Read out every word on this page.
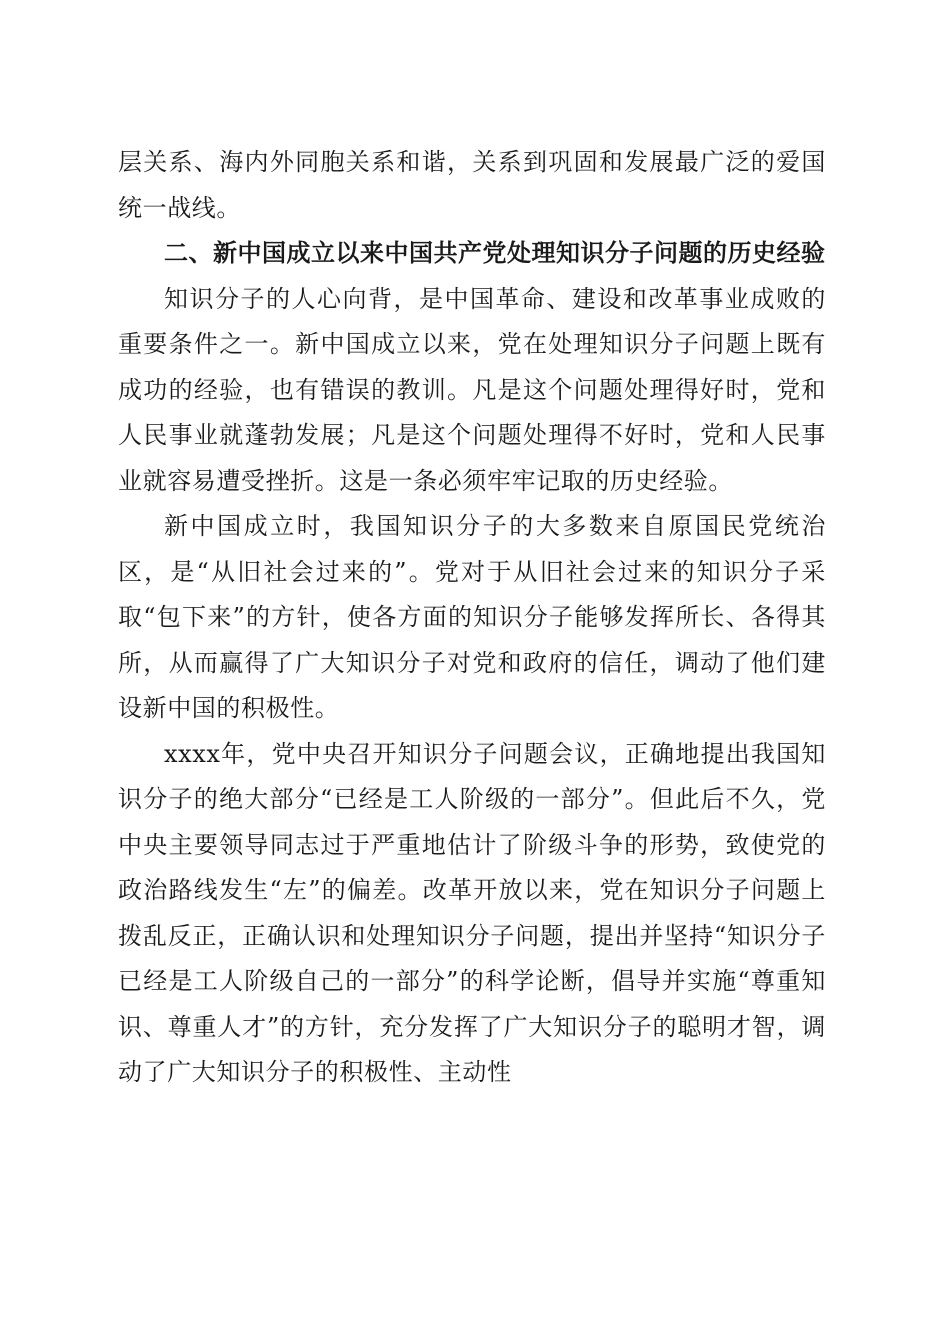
层关系、海内外同胞关系和谐，关系到巩固和发展最广泛的爱国统一战线。

二、新中国成立以来中国共产党处理知识分子问题的历史经验

知识分子的人心向背，是中国革命、建设和改革事业成败的重要条件之一。新中国成立以来，党在处理知识分子问题上既有成功的经验，也有错误的教训。凡是这个问题处理得好时，党和人民事业就蓬勃发展；凡是这个问题处理得不好时，党和人民事业就容易遭受挫折。这是一条必须牢牢记取的历史经验。

新中国成立时，我国知识分子的大多数来自原国民党统治区，是“从旧社会过来的”。党对于从旧社会过来的知识分子采取“包下来”的方针，使各方面的知识分子能够发挥所长、各得其所，从而赢得了广大知识分子对党和政府的信任，调动了他们建设新中国的积极性。

xxxx年，党中央召开知识分子问题会议，正确地提出我国知识分子的绝大部分“已经是工人阶级的一部分”。但此后不久，党中央主要领导同志过于严重地估计了阶级斗争的形势，致使党的政治路线发生“左”的偏差。改革开放以来，党在知识分子问题上拨乱反正，正确认识和处理知识分子问题，提出并坚持“知识分子已经是工人阶级自己的一部分”的科学论断，倡导并实施“尊重知识、尊重人才”的方针，充分发挥了广大知识分子的聪明才智，调动了广大知识分子的积极性、主动性
